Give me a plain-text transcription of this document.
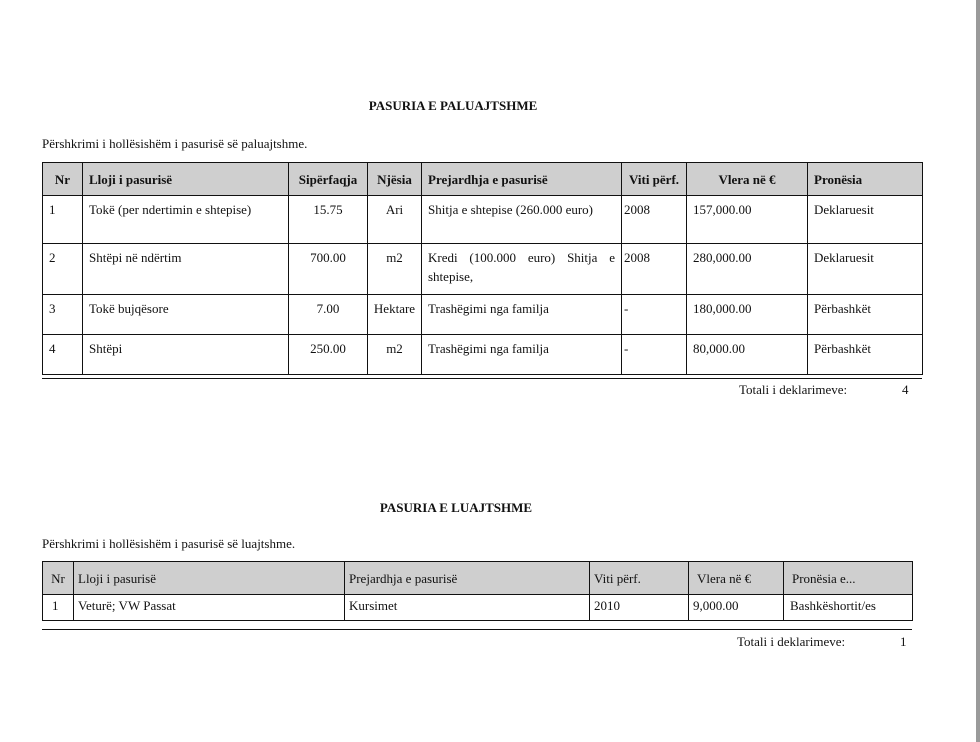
PASURIA E PALUAJTSHME
Përshkrimi i hollësishëm i pasurisë së paluajtshme.
Nr	Lloji i pasurisë	Sipërfaqja	Njësia	Prejardhja e pasurisë	Viti përf.	Vlera në €	Pronësia
1	Tokë (per ndertimin e shtepise)	15.75	Ari	Shitja e shtepise (260.000 euro)	2008	157,000.00	Deklaruesit
2	Shtëpi në ndërtim	700.00	m2	Kredi (100.000 euro) Shitja e shtepise,	2008	280,000.00	Deklaruesit
3	Tokë bujqësore	7.00	Hektare	Trashëgimi nga familja	-	180,000.00	Përbashkët
4	Shtëpi	250.00	m2	Trashëgimi nga familja	-	80,000.00	Përbashkët
Totali i deklarimeve:	4
PASURIA E LUAJTSHME
Përshkrimi i hollësishëm i pasurisë së luajtshme.
Nr	Lloji i pasurisë	Prejardhja e pasurisë	Viti përf.	Vlera në €	Pronësia e...
1	Veturë; VW Passat	Kursimet	2010	9,000.00	Bashkëshortit/es
Totali i deklarimeve:	1
